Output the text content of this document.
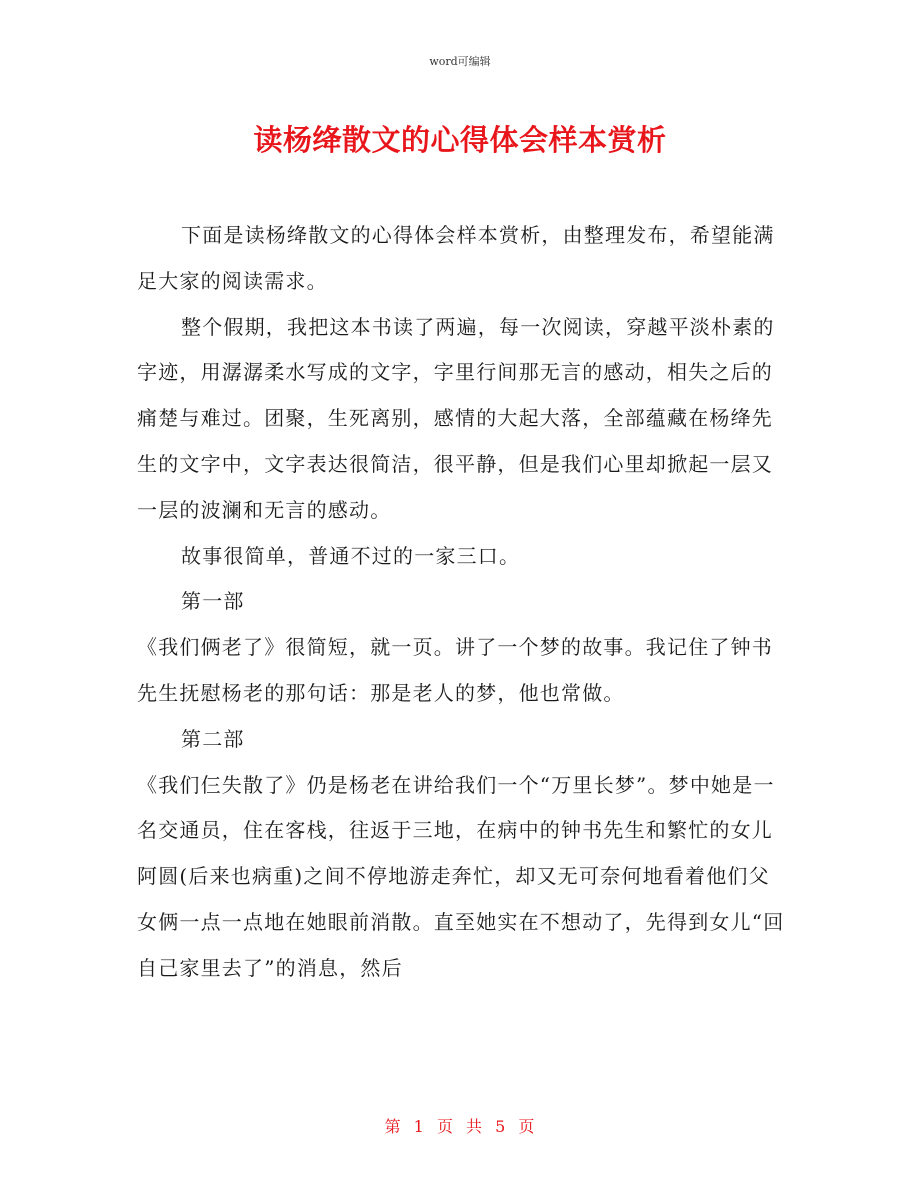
word可编辑
读杨绛散文的心得体会样本赏析

下面是读杨绛散文的心得体会样本赏析，由整理发布，希望能满足大家的阅读需求。

整个假期，我把这本书读了两遍，每一次阅读，穿越平淡朴素的字迹，用潺潺柔水写成的文字，字里行间那无言的感动，相失之后的痛楚与难过。团聚，生死离别，感情的大起大落，全部蕴藏在杨绛先生的文字中，文字表达很简洁，很平静，但是我们心里却掀起一层又一层的波澜和无言的感动。

故事很简单，普通不过的一家三口。

第一部

《我们俩老了》很简短，就一页。讲了一个梦的故事。我记住了钟书先生抚慰杨老的那句话：那是老人的梦，他也常做。

第二部

《我们仨失散了》仍是杨老在讲给我们一个“万里长梦”。梦中她是一名交通员，住在客栈，往返于三地，在病中的钟书先生和繁忙的女儿阿圆(后来也病重)之间不停地游走奔忙，却又无可奈何地看着他们父女俩一点一点地在她眼前消散。直至她实在不想动了，先得到女儿“回自己家里去了”的消息，然后

第 1 页 共 5 页
